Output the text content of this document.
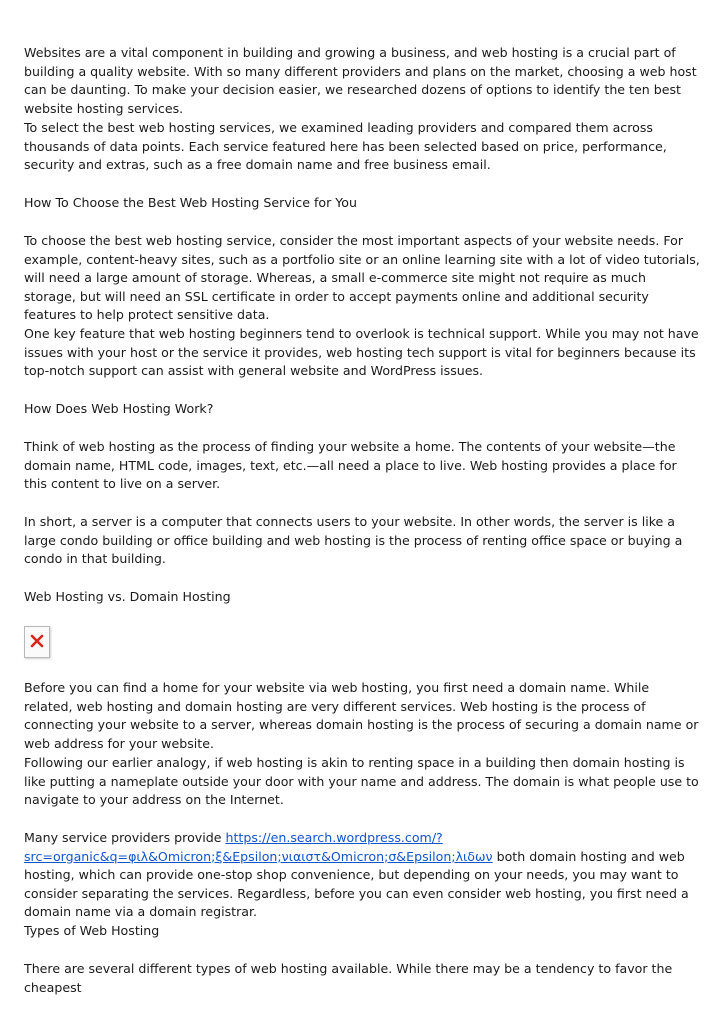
Websites are a vital component in building and growing a business, and web hosting is a crucial part of building a quality website. With so many different providers and plans on the market, choosing a web host can be daunting. To make your decision easier, we researched dozens of options to identify the ten best website hosting services.

To select the best web hosting services, we examined leading providers and compared them across thousands of data points. Each service featured here has been selected based on price, performance, security and extras, such as a free domain name and free business email.

How To Choose the Best Web Hosting Service for You

To choose the best web hosting service, consider the most important aspects of your website needs. For example, content-heavy sites, such as a portfolio site or an online learning site with a lot of video tutorials, will need a large amount of storage. Whereas, a small e-commerce site might not require as much storage, but will need an SSL certificate in order to accept payments online and additional security features to help protect sensitive data.

One key feature that web hosting beginners tend to overlook is technical support. While you may not have issues with your host or the service it provides, web hosting tech support is vital for beginners because its top-notch support can assist with general website and WordPress issues.

How Does Web Hosting Work?

Think of web hosting as the process of finding your website a home. The contents of your website—the domain name, HTML code, images, text, etc.—all need a place to live. Web hosting provides a place for this content to live on a server.

In short, a server is a computer that connects users to your website. In other words, the server is like a large condo building or office building and web hosting is the process of renting office space or buying a condo in that building.

Web Hosting vs. Domain Hosting

Before you can find a home for your website via web hosting, you first need a domain name. While related, web hosting and domain hosting are very different services. Web hosting is the process of connecting your website to a server, whereas domain hosting is the process of securing a domain name or web address for your website.

Following our earlier analogy, if web hosting is akin to renting space in a building then domain hosting is like putting a nameplate outside your door with your name and address. The domain is what people use to navigate to your address on the Internet.

Many service providers provide https://en.search.wordpress.com/?src=organic&q=φιλ&Omicron;ξ&Epsilon;νιαιστ&Omicron;σ&Epsilon;λιδων both domain hosting and web hosting, which can provide one-stop shop convenience, but depending on your needs, you may want to consider separating the services. Regardless, before you can even consider web hosting, you first need a domain name via a domain registrar.

Types of Web Hosting

There are several different types of web hosting available. While there may be a tendency to favor the cheapest
